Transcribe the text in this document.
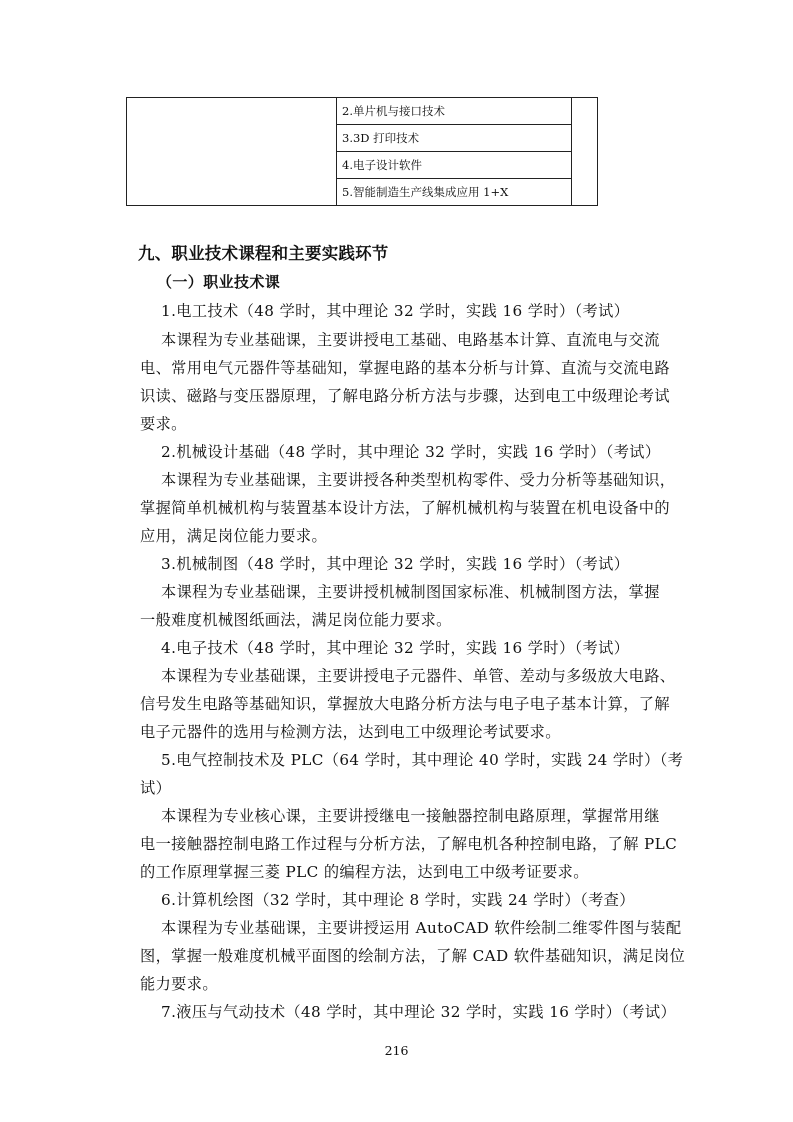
2.单片机与接口技术
3.3D 打印技术
4.电子设计软件
5.智能制造生产线集成应用 1+X
九、职业技术课程和主要实践环节
（一）职业技术课
1.电工技术（48 学时，其中理论 32 学时，实践 16 学时）（考试）
本课程为专业基础课，主要讲授电工基础、电路基本计算、直流电与交流
电、常用电气元器件等基础知，掌握电路的基本分析与计算、直流与交流电路
识读、磁路与变压器原理，了解电路分析方法与步骤，达到电工中级理论考试
要求。
2.机械设计基础（48 学时，其中理论 32 学时，实践 16 学时）（考试）
本课程为专业基础课，主要讲授各种类型机构零件、受力分析等基础知识，
掌握简单机械机构与装置基本设计方法，了解机械机构与装置在机电设备中的
应用，满足岗位能力要求。
3.机械制图（48 学时，其中理论 32 学时，实践 16 学时）（考试）
本课程为专业基础课，主要讲授机械制图国家标准、机械制图方法，掌握
一般难度机械图纸画法，满足岗位能力要求。
4.电子技术（48 学时，其中理论 32 学时，实践 16 学时）（考试）
本课程为专业基础课，主要讲授电子元器件、单管、差动与多级放大电路、
信号发生电路等基础知识，掌握放大电路分析方法与电子电子基本计算，了解
电子元器件的选用与检测方法，达到电工中级理论考试要求。
5.电气控制技术及 PLC（64 学时，其中理论 40 学时，实践 24 学时）（考
试）
本课程为专业核心课，主要讲授继电一接触器控制电路原理，掌握常用继
电一接触器控制电路工作过程与分析方法，了解电机各种控制电路，了解 PLC
的工作原理掌握三菱 PLC 的编程方法，达到电工中级考证要求。
6.计算机绘图（32 学时，其中理论 8 学时，实践 24 学时）（考查）
本课程为专业基础课，主要讲授运用 AutoCAD 软件绘制二维零件图与装配
图，掌握一般难度机械平面图的绘制方法，了解 CAD 软件基础知识，满足岗位
能力要求。
7.液压与气动技术（48 学时，其中理论 32 学时，实践 16 学时）（考试）
216
